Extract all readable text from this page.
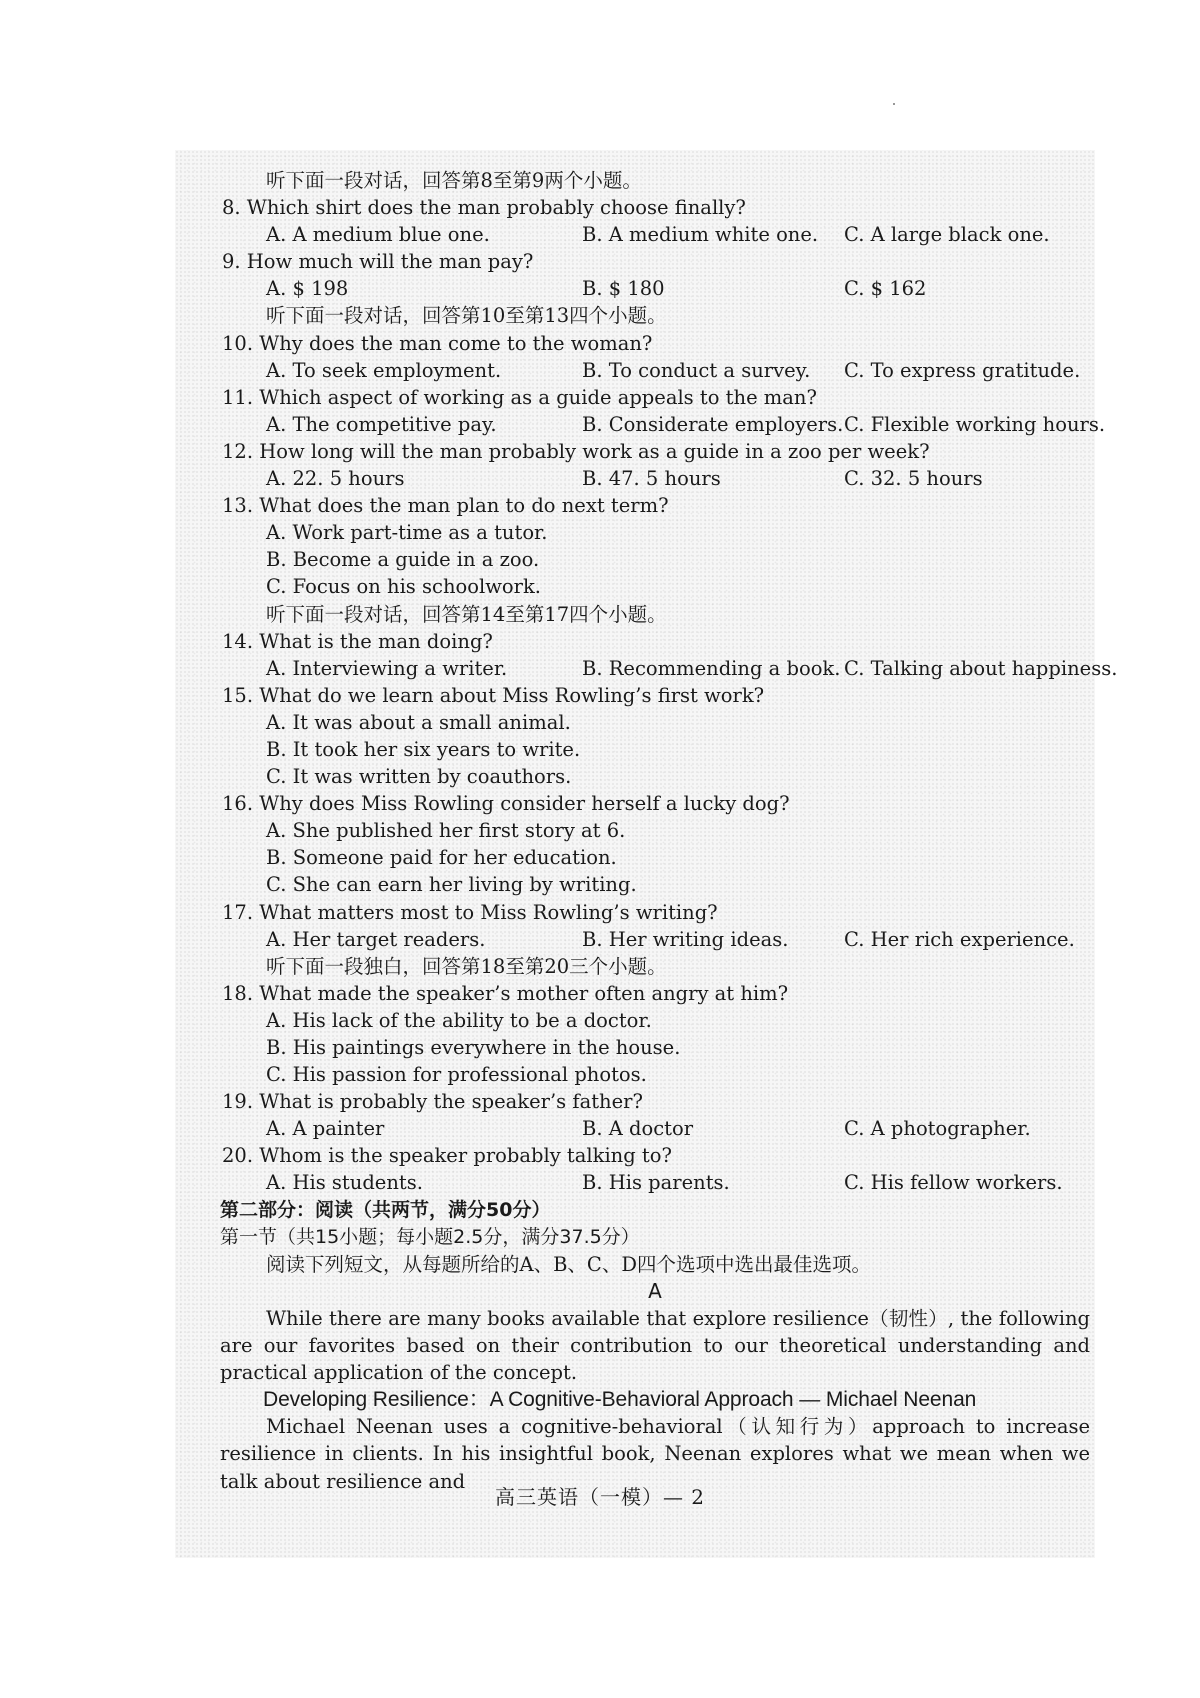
听下面一段对话，回答第8至第9两个小题。
8. Which shirt does the man probably choose finally?
A. A medium blue one.	B. A medium white one. C. A large black one.
9. How much will the man pay?
A. $ 198	B. $ 180	C. $ 162
听下面一段对话，回答第10至第13四个小题。
10. Why does the man come to the woman?
A. To seek employment.	B. To conduct a survey. C. To express gratitude.
11. Which aspect of working as a guide appeals to the man?
A. The competitive pay.	B. Considerate employers. C. Flexible working hours.
12. How long will the man probably work as a guide in a zoo per week?
A. 22. 5 hours	B. 47. 5 hours	C. 32. 5 hours
13. What does the man plan to do next term?
A. Work part-time as a tutor.
B. Become a guide in a zoo.
C. Focus on his schoolwork.
听下面一段对话，回答第14至第17四个小题。
14. What is the man doing?
A. Interviewing a writer.	B. Recommending a book. C. Talking about happiness.
15. What do we learn about Miss Rowling’s first work?
A. It was about a small animal.
B. It took her six years to write.
C. It was written by coauthors.
16. Why does Miss Rowling consider herself a lucky dog?
A. She published her first story at 6.
B. Someone paid for her education.
C. She can earn her living by writing.
17. What matters most to Miss Rowling’s writing?
A. Her target readers.	B. Her writing ideas.	C. Her rich experience.
听下面一段独白，回答第18至第20三个小题。
18. What made the speaker’s mother often angry at him?
A. His lack of the ability to be a doctor.
B. His paintings everywhere in the house.
C. His passion for professional photos.
19. What is probably the speaker’s father?
A. A painter	B. A doctor	C. A photographer.
20. Whom is the speaker probably talking to?
A. His students.	B. His parents.	C. His fellow workers.
第二部分：阅读（共两节，满分50分）
第一节（共15小题；每小题2.5分，满分37.5分）
阅读下列短文，从每题所给的A、B、C、D四个选项中选出最佳选项。
A
While there are many books available that explore resilience（韧性）, the following are our favorites based on their contribution to our theoretical understanding and practical application of the concept.
Developing Resilience：A Cognitive-Behavioral Approach — Michael Neenan
Michael Neenan uses a cognitive-behavioral（认知行为）approach to increase resilience in clients. In his insightful book, Neenan explores what we mean when we talk about resilience and
高三英语（一模）— 2
